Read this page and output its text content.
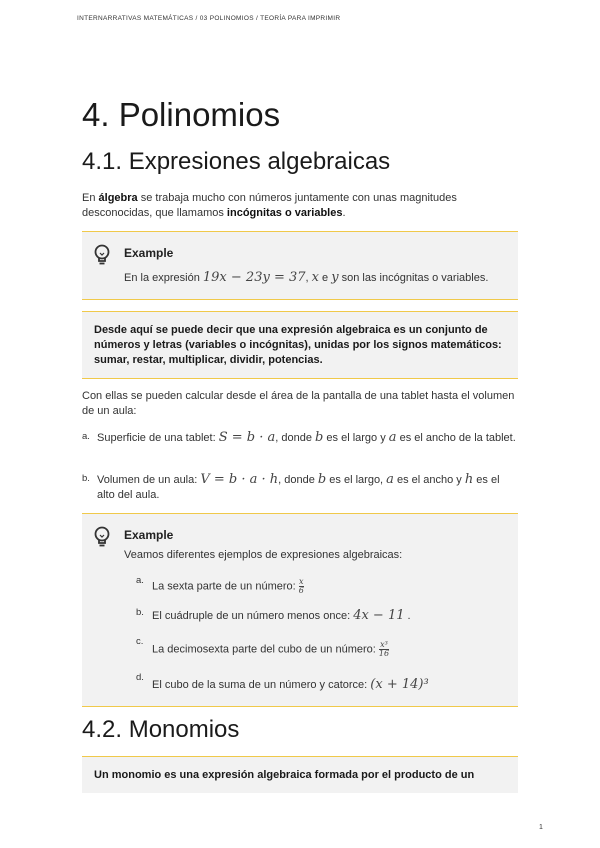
INTERNARRATIVAS MATEMÁTICAS / 03 POLINOMIOS / TEORÍA PARA IMPRIMIR
4. Polinomios
4.1. Expresiones algebraicas
En álgebra se trabaja mucho con números juntamente con unas magnitudes desconocidas, que llamamos incógnitas o variables.
Example
En la expresión 19x − 23y = 37, x e y son las incógnitas o variables.
Desde aquí se puede decir que una expresión algebraica es un conjunto de números y letras (variables o incógnitas), unidas por los signos matemáticos: sumar, restar, multiplicar, dividir, potencias.
Con ellas se pueden calcular desde el área de la pantalla de una tablet hasta el volumen de un aula:
a. Superficie de una tablet: S = b · a, donde b es el largo y a es el ancho de la tablet.
b. Volumen de un aula: V = b · a · h, donde b es el largo, a es el ancho y h es el alto del aula.
Example
Veamos diferentes ejemplos de expresiones algebraicas:
a. La sexta parte de un número: $\frac{x}{6}$
b. El cuádruple de un número menos once: 4x − 11 .
c.
La decimosexta parte del cubo de un número: $\frac{\text{x³}}{16}$
d.
El cubo de la suma de un número y catorce: (x + 14)³
4.2. Monomios
Un monomio es una expresión algebraica formada por el producto de un
1
